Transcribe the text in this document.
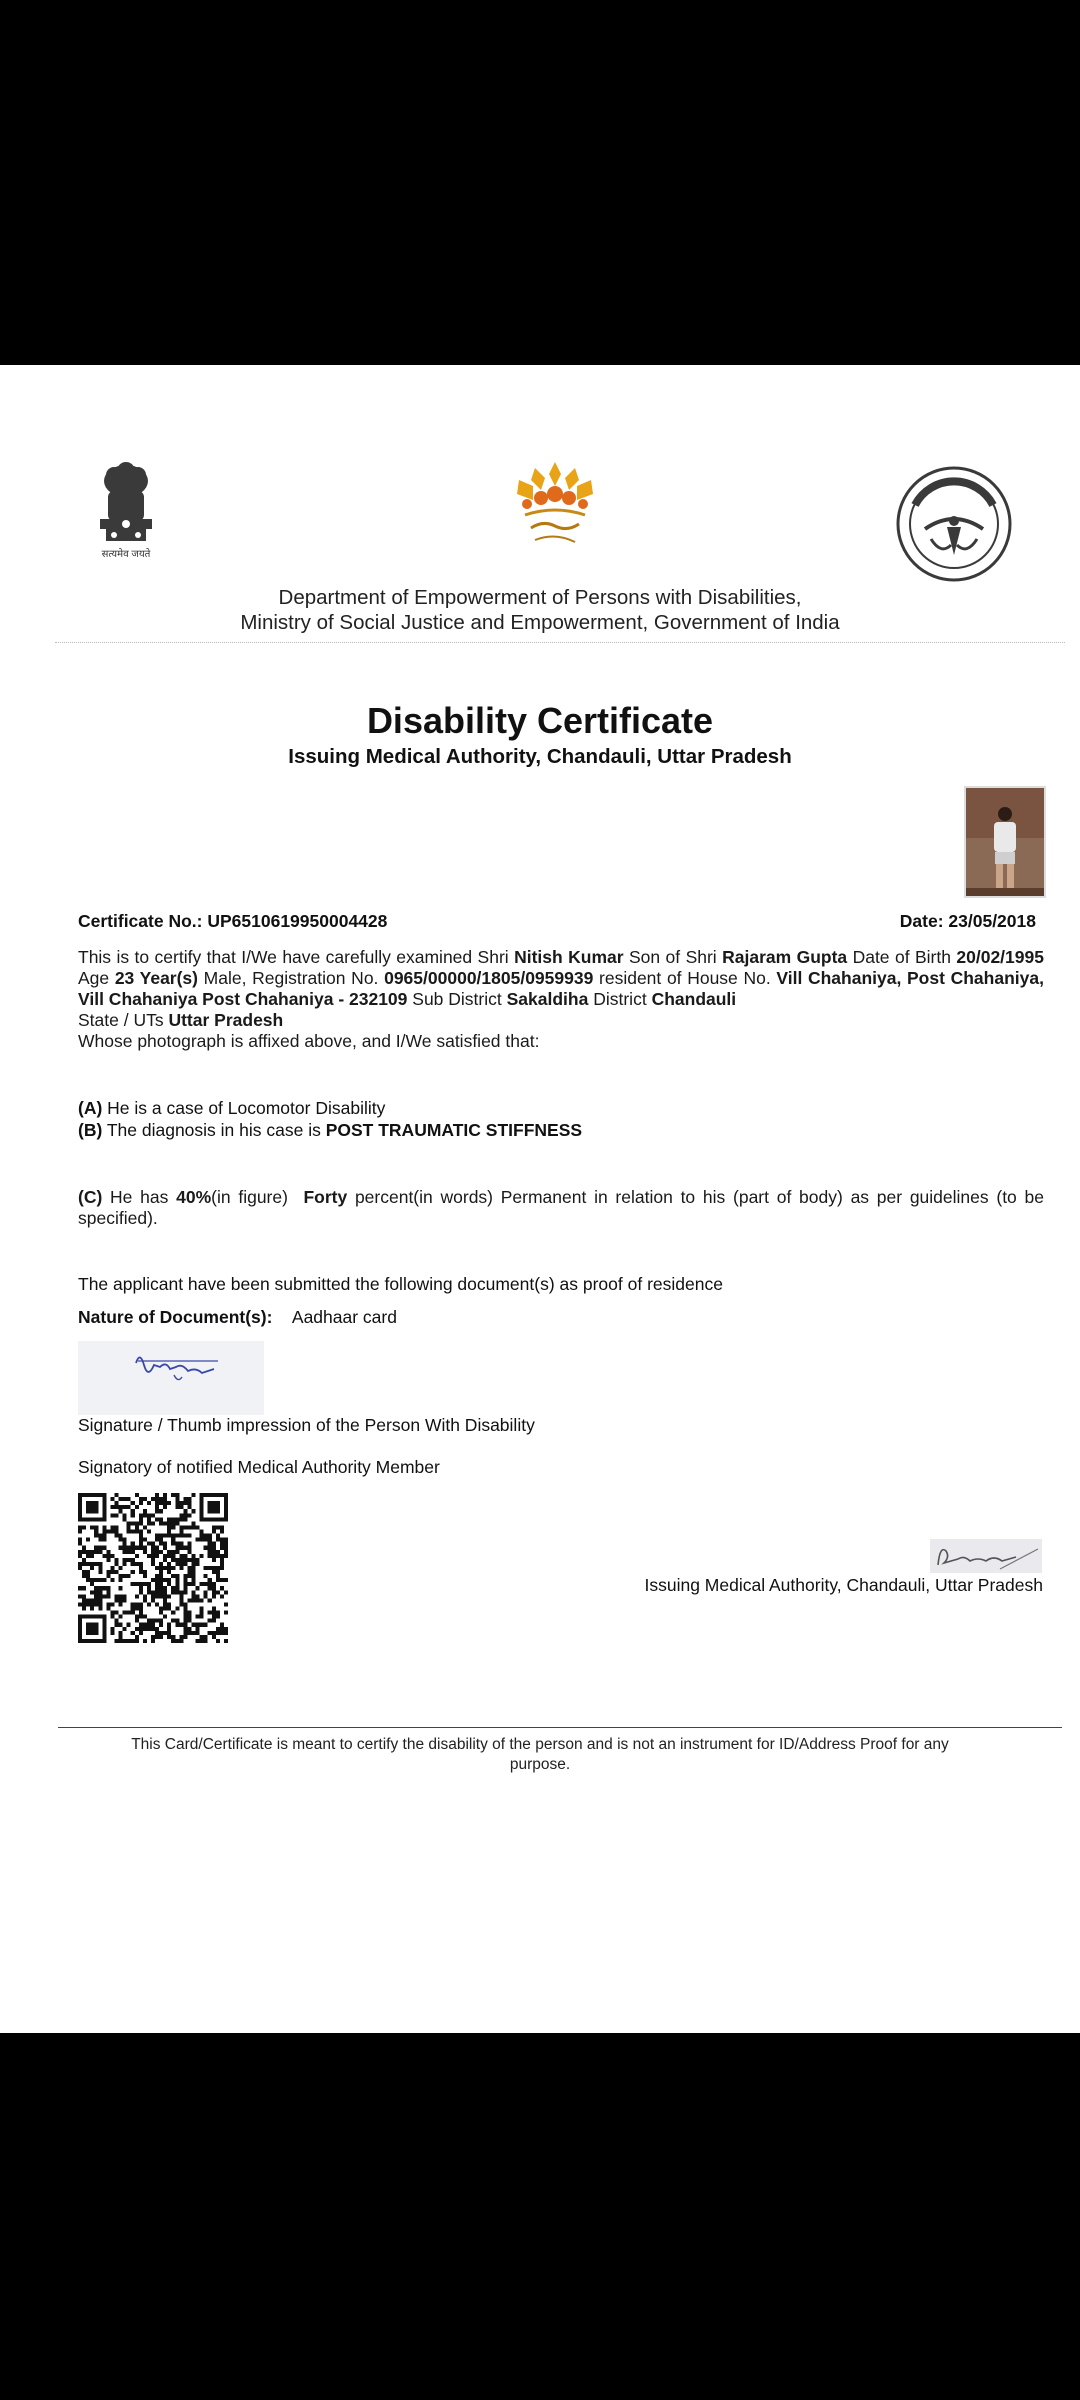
सत्यमेव जयते
Department of Empowerment of Persons with Disabilities,
Ministry of Social Justice and Empowerment, Government of India
Disability Certificate
Issuing Medical Authority, Chandauli, Uttar Pradesh
Certificate No.: UP6510619950004428	Date: 23/05/2018
This is to certify that I/We have carefully examined Shri Nitish Kumar Son of Shri Rajaram Gupta Date of Birth 20/02/1995 Age 23 Year(s) Male, Registration No. 0965/00000/1805/0959939 resident of House No. Vill Chahaniya, Post Chahaniya, Vill Chahaniya Post Chahaniya - 232109 Sub District Sakaldiha District Chandauli
State / UTs Uttar Pradesh
Whose photograph is affixed above, and I/We satisfied that:
(A) He is a case of Locomotor Disability
(B) The diagnosis in his case is POST TRAUMATIC STIFFNESS
(C) He has 40%(in figure) Forty percent(in words) Permanent in relation to his (part of body) as per guidelines (to be specified).
The applicant have been submitted the following document(s) as proof of residence
Nature of Document(s): Aadhaar card
Signature / Thumb impression of the Person With Disability
Signatory of notified Medical Authority Member
Issuing Medical Authority, Chandauli, Uttar Pradesh
This Card/Certificate is meant to certify the disability of the person and is not an instrument for ID/Address Proof for any purpose.
